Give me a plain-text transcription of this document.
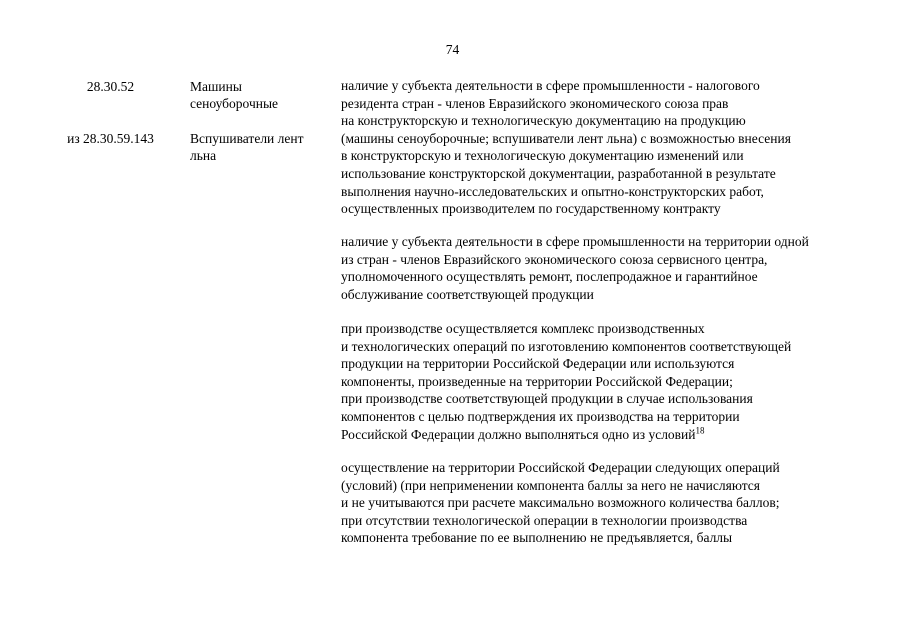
74
28.30.52	Машины
сеноуборочные
из 28.30.59.143	Вспушиватели лент
льна
наличие у субъекта деятельности в сфере промышленности - налогового
резидента стран - членов Евразийского экономического союза прав
на конструкторскую и технологическую документацию на продукцию
(машины сеноуборочные; вспушиватели лент льна) с возможностью внесения
в конструкторскую и технологическую документацию изменений или
использование конструкторской документации, разработанной в результате
выполнения научно-исследовательских и опытно-конструкторских работ,
осуществленных производителем по государственному контракту
наличие у субъекта деятельности в сфере промышленности на территории одной
из стран - членов Евразийского экономического союза сервисного центра,
уполномоченного осуществлять ремонт, послепродажное и гарантийное
обслуживание соответствующей продукции
при производстве осуществляется комплекс производственных
и технологических операций по изготовлению компонентов соответствующей
продукции на территории Российской Федерации или используются
компоненты, произведенные на территории Российской Федерации;
при производстве соответствующей продукции в случае использования
компонентов с целью подтверждения их производства на территории
Российской Федерации должно выполняться одно из условий$^{18}$
осуществление на территории Российской Федерации следующих операций
(условий) (при неприменении компонента баллы за него не начисляются
и не учитываются при расчете максимально возможного количества баллов;
при отсутствии технологической операции в технологии производства
компонента требование по ее выполнению не предъявляется, баллы
